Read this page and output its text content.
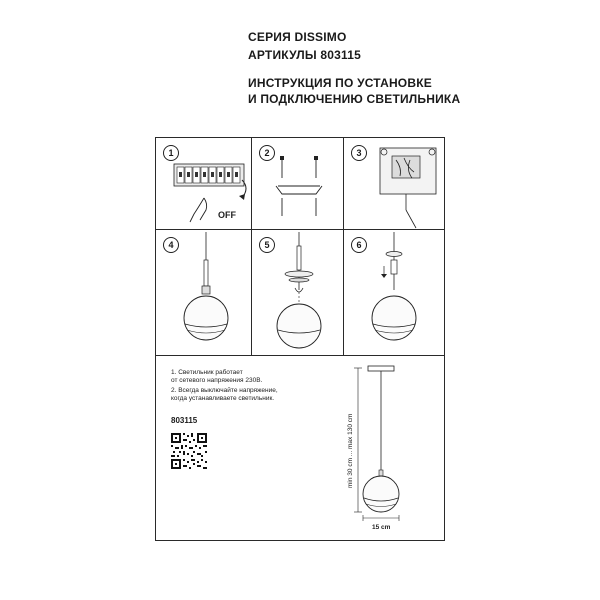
СЕРИЯ DISSIMO
АРТИКУЛЫ 803115
ИНСТРУКЦИЯ ПО УСТАНОВКЕ
И ПОДКЛЮЧЕНИЮ СВЕТИЛЬНИКА
1
OFF
2	3
4	5	6
1. Светильник работает
от сетевого напряжения 230В.
2. Всегда выключайте напряжение,
когда устанавливаете светильник.
803115	min 30 cm ... max 130 cm
15 cm
